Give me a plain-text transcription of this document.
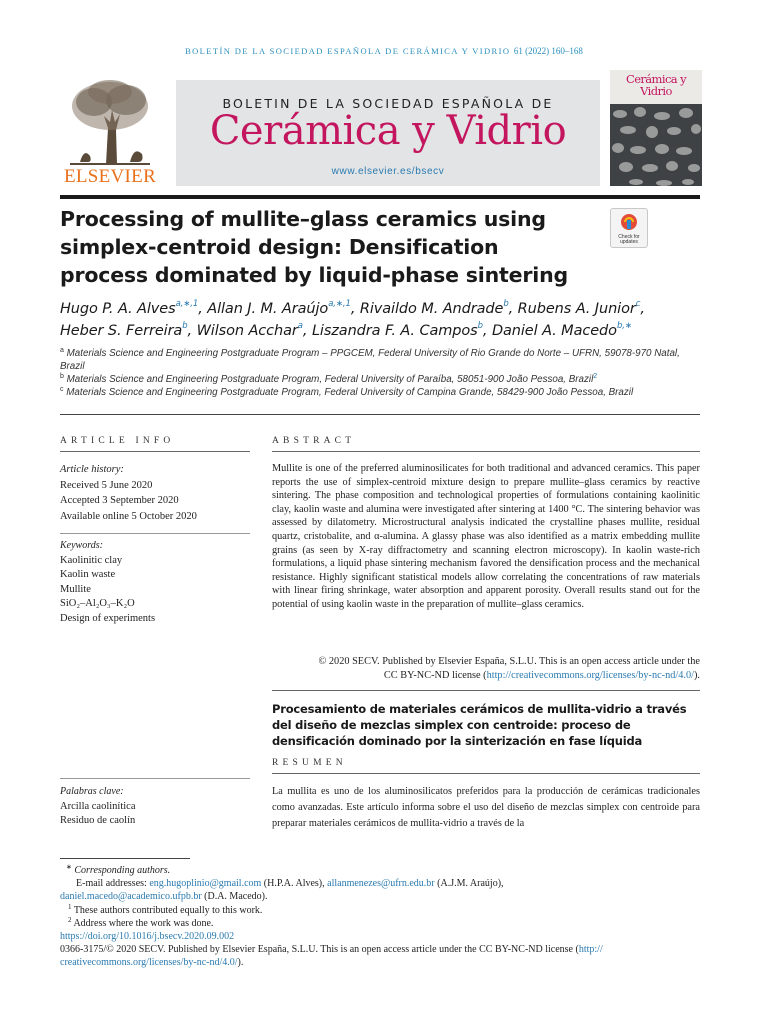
BOLETÍN DE LA SOCIEDAD ESPAÑOLA DE CERÁMICA Y VIDRIO 61 (2022) 160–168
ELSEVIER
BOLETIN DE LA SOCIEDAD ESPAÑOLA DE
Cerámica y Vidrio
www.elsevier.es/bsecv
Cerámica y Vidrio
Processing of mullite–glass ceramics using simplex-centroid design: Densification process dominated by liquid-phase sintering
Check for updates
Hugo P. A. Alves$^{a,∗,1}$, Allan J. M. Araújo$^{a,∗,1}$, Rivaildo M. Andrade$^b$, Rubens A. Junior$^c$,
Heber S. Ferreira$^b$, Wilson Acchar$^a$, Liszandra F. A. Campos$^b$, Daniel A. Macedo$^{b,∗}$

$^a$ Materials Science and Engineering Postgraduate Program – PPGCEM, Federal University of Rio Grande do Norte – UFRN, 59078-970 Natal, Brazil

$^b$ Materials Science and Engineering Postgraduate Program, Federal University of Paraíba, 58051-900 João Pessoa, Brazil$^2$

$^c$ Materials Science and Engineering Postgraduate Program, Federal University of Campina Grande, 58429-900 João Pessoa, Brazil

ARTICLE INFO
Article history:
Received 5 June 2020
Accepted 3 September 2020
Available online 5 October 2020
Keywords:
Kaolinitic clay
Kaolin waste
Mullite
SiO₂–Al₂O₃–K₂O
Design of experiments
ABSTRACT
Mullite is one of the preferred aluminosilicates for both traditional and advanced ceramics. This paper reports the use of simplex-centroid mixture design to prepare mullite–glass ceramics by reactive sintering. The phase composition and technological properties of formulations containing kaolinitic clay, kaolin waste and alumina were investigated after sintering at 1400 °C. The sintering behavior was assessed by dilatometry. Microstructural analysis indicated the crystalline phases mullite, residual quartz, cristobalite, and α-alumina. A glassy phase was also identified as a matrix embedding mullite grains (as seen by X-ray diffractometry and scanning electron microscopy). In kaolin waste-rich formulations, a liquid phase sintering mechanism favored the densification process and the mechanical resistance. Highly significant statistical models allow correlating the concentrations of raw materials with linear firing shrinkage, water absorption and apparent porosity. Overall results stand out for the potential of using kaolin waste in the preparation of mullite–glass ceramics.
© 2020 SECV. Published by Elsevier España, S.L.U. This is an open access article under the
CC BY-NC-ND license (http://creativecommons.org/licenses/by-nc-nd/4.0/).
Procesamiento de materiales cerámicos de mullita-vidrio a través del diseño de mezclas simplex con centroide: proceso de densificación dominado por la sinterización en fase líquida
RESUMEN
Palabras clave:
Arcilla caolinítica
Residuo de caolín
La mullita es uno de los aluminosilicatos preferidos para la producción de cerámicas tradicionales como avanzadas. Este artículo informa sobre el uso del diseño de mezclas simplex con centroide para preparar materiales cerámicos de mullita-vidrio a través de la

∗ Corresponding authors.

E-mail addresses: eng.hugoplinio@gmail.com (H.P.A. Alves), allanmenezes@ufrn.edu.br (A.J.M. Araújo),

daniel.macedo@academico.ufpb.br (D.A. Macedo).

$^1$ These authors contributed equally to this work.

$^2$ Address where the work was done.

https://doi.org/10.1016/j.bsecv.2020.09.002

0366-3175/© 2020 SECV. Published by Elsevier España, S.L.U. This is an open access article under the CC BY-NC-ND license (http://
creativecommons.org/licenses/by-nc-nd/4.0/).
